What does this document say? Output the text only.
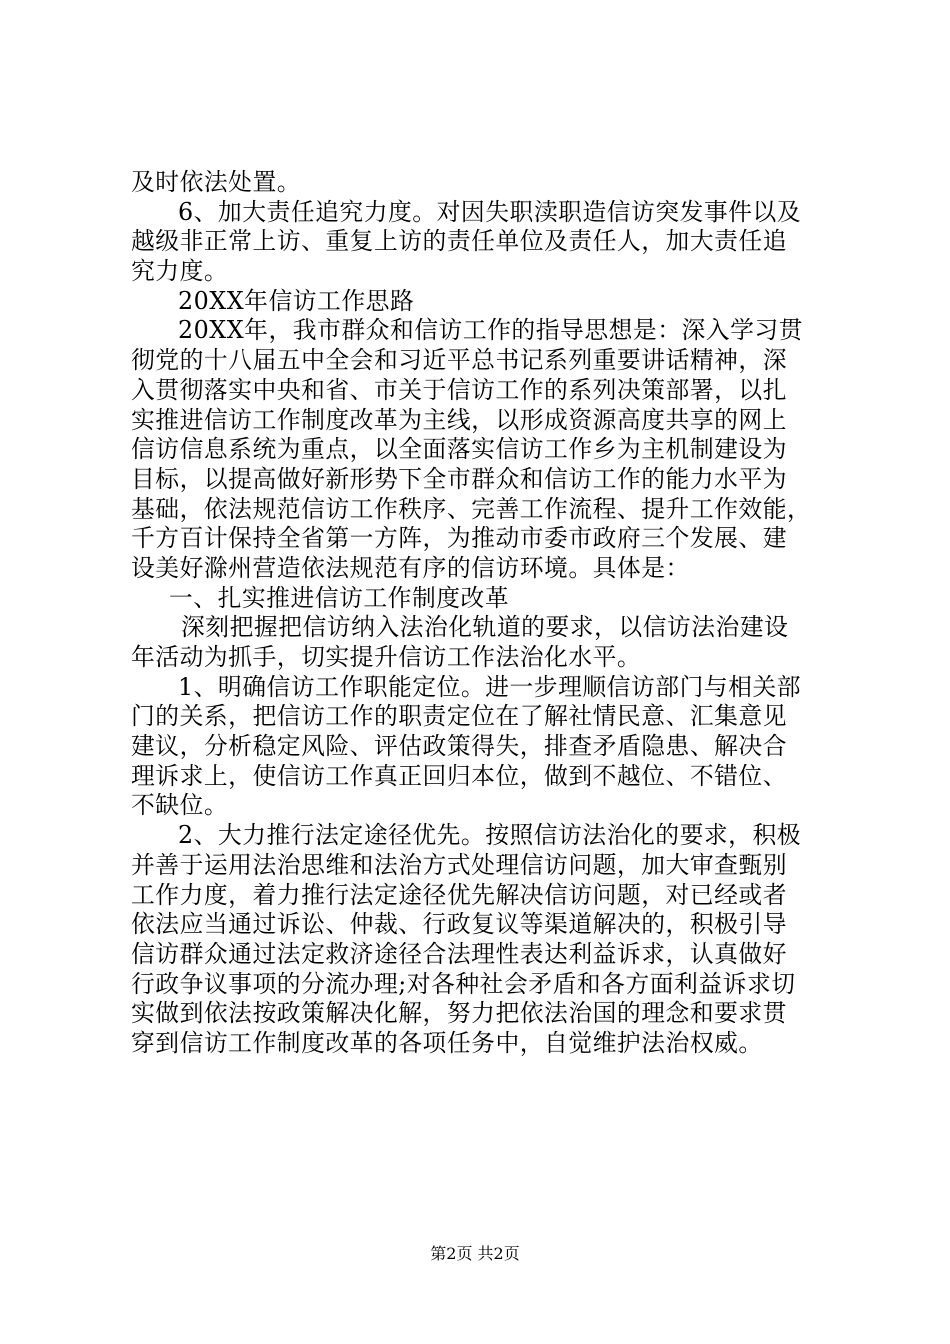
及时依法处置。
6、加大责任追究力度。对因失职渎职造信访突发事件以及
越级非正常上访、重复上访的责任单位及责任人，加大责任追
究力度。
20XX年信访工作思路
20XX年，我市群众和信访工作的指导思想是：深入学习贯
彻党的十八届五中全会和习近平总书记系列重要讲话精神，深
入贯彻落实中央和省、市关于信访工作的系列决策部署，以扎
实推进信访工作制度改革为主线，以形成资源高度共享的网上
信访信息系统为重点，以全面落实信访工作乡为主机制建设为
目标，以提高做好新形势下全市群众和信访工作的能力水平为
基础，依法规范信访工作秩序、完善工作流程、提升工作效能，
千方百计保持全省第一方阵，为推动市委市政府三个发展、建
设美好滁州营造依法规范有序的信访环境。具体是：
一、扎实推进信访工作制度改革
深刻把握把信访纳入法治化轨道的要求，以信访法治建设
年活动为抓手，切实提升信访工作法治化水平。
1、明确信访工作职能定位。进一步理顺信访部门与相关部
门的关系，把信访工作的职责定位在了解社情民意、汇集意见
建议，分析稳定风险、评估政策得失，排查矛盾隐患、解决合
理诉求上，使信访工作真正回归本位，做到不越位、不错位、
不缺位。
2、大力推行法定途径优先。按照信访法治化的要求，积极
并善于运用法治思维和法治方式处理信访问题，加大审查甄别
工作力度，着力推行法定途径优先解决信访问题，对已经或者
依法应当通过诉讼、仲裁、行政复议等渠道解决的，积极引导
信访群众通过法定救济途径合法理性表达利益诉求，认真做好
行政争议事项的分流办理;对各种社会矛盾和各方面利益诉求切
实做到依法按政策解决化解，努力把依法治国的理念和要求贯
穿到信访工作制度改革的各项任务中，自觉维护法治权威。
第2页 共2页
